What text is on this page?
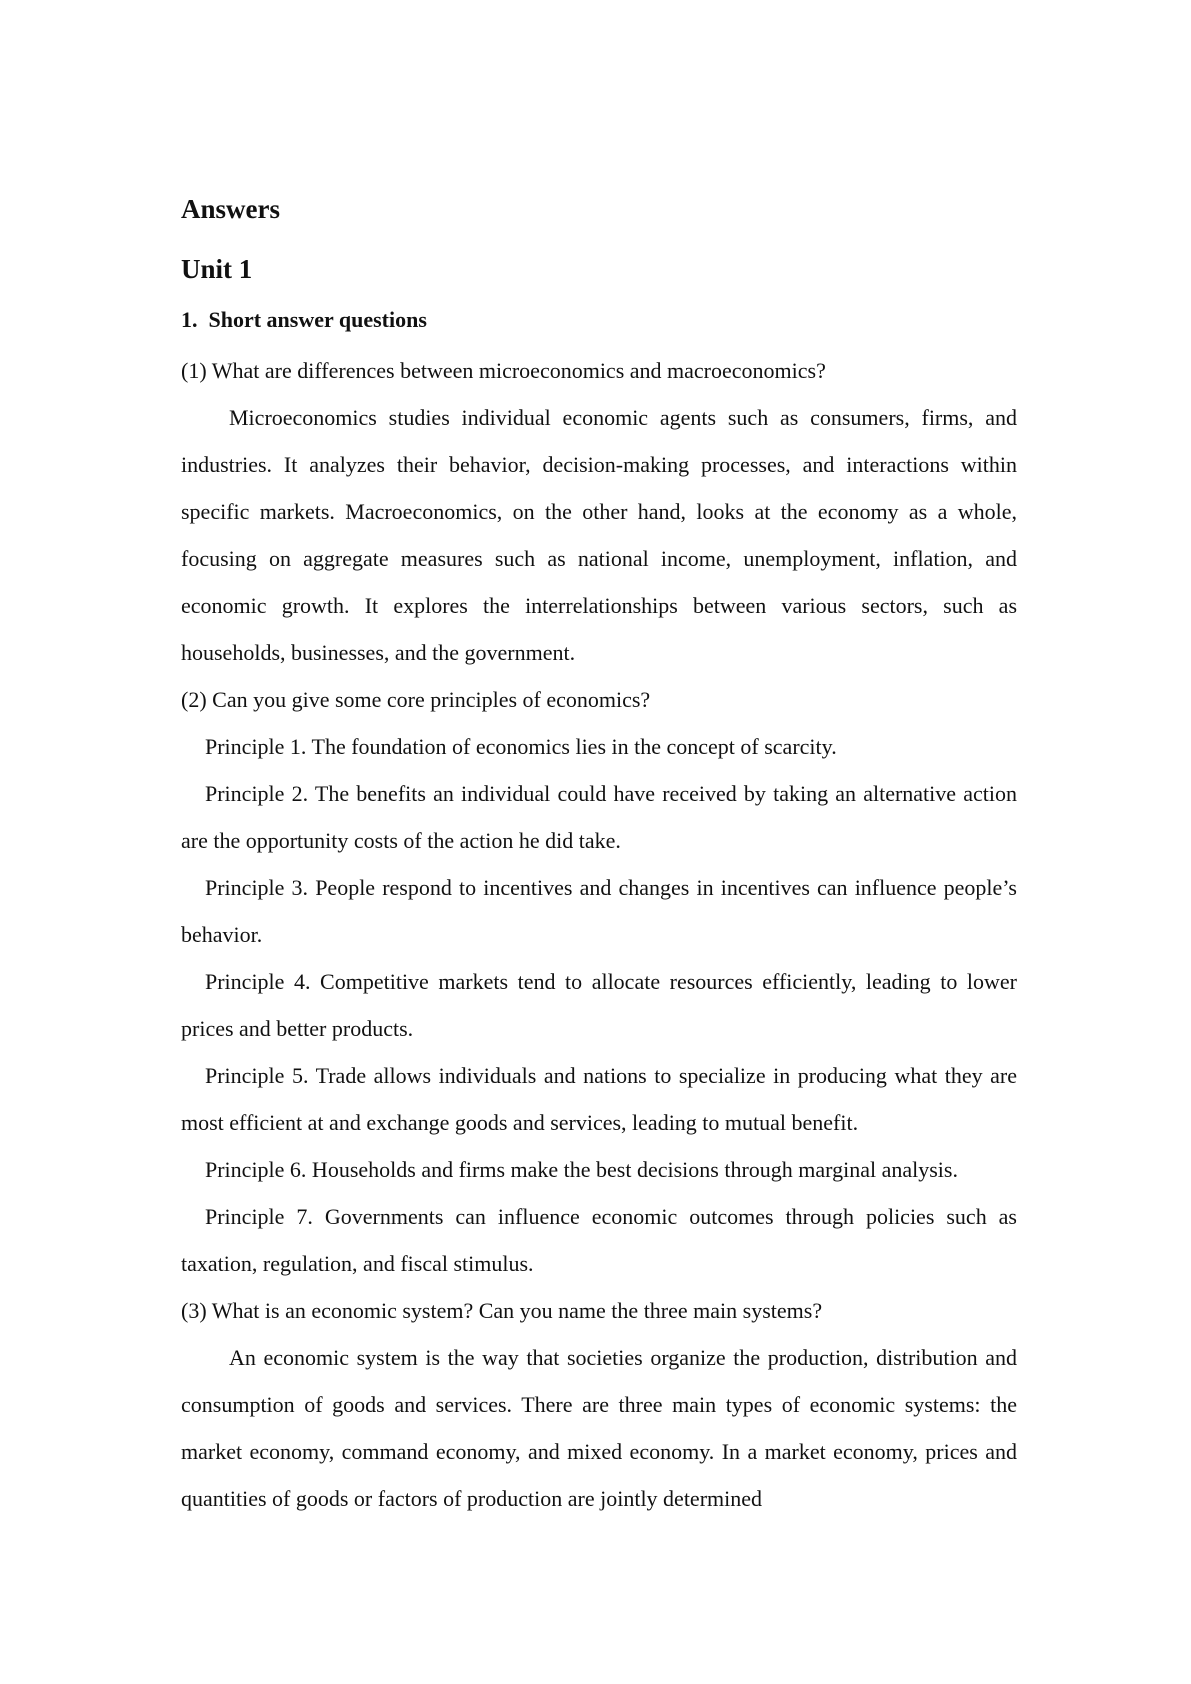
Answers
Unit 1
1.  Short answer questions

(1) What are differences between microeconomics and macroeconomics?

Microeconomics studies individual economic agents such as consumers, firms, and industries. It analyzes their behavior, decision-making processes, and interactions within specific markets. Macroeconomics, on the other hand, looks at the economy as a whole, focusing on aggregate measures such as national income, unemployment, inflation, and economic growth. It explores the interrelationships between various sectors, such as households, businesses, and the government.

(2) Can you give some core principles of economics?

Principle 1. The foundation of economics lies in the concept of scarcity.

Principle 2. The benefits an individual could have received by taking an alternative action are the opportunity costs of the action he did take.

Principle 3. People respond to incentives and changes in incentives can influence people’s behavior.

Principle 4. Competitive markets tend to allocate resources efficiently, leading to lower prices and better products.

Principle 5. Trade allows individuals and nations to specialize in producing what they are most efficient at and exchange goods and services, leading to mutual benefit.

Principle 6. Households and firms make the best decisions through marginal analysis.

Principle 7. Governments can influence economic outcomes through policies such as taxation, regulation, and fiscal stimulus.

(3) What is an economic system? Can you name the three main systems?

An economic system is the way that societies organize the production, distribution and consumption of goods and services. There are three main types of economic systems: the market economy, command economy, and mixed economy. In a market economy, prices and quantities of goods or factors of production are jointly determined
